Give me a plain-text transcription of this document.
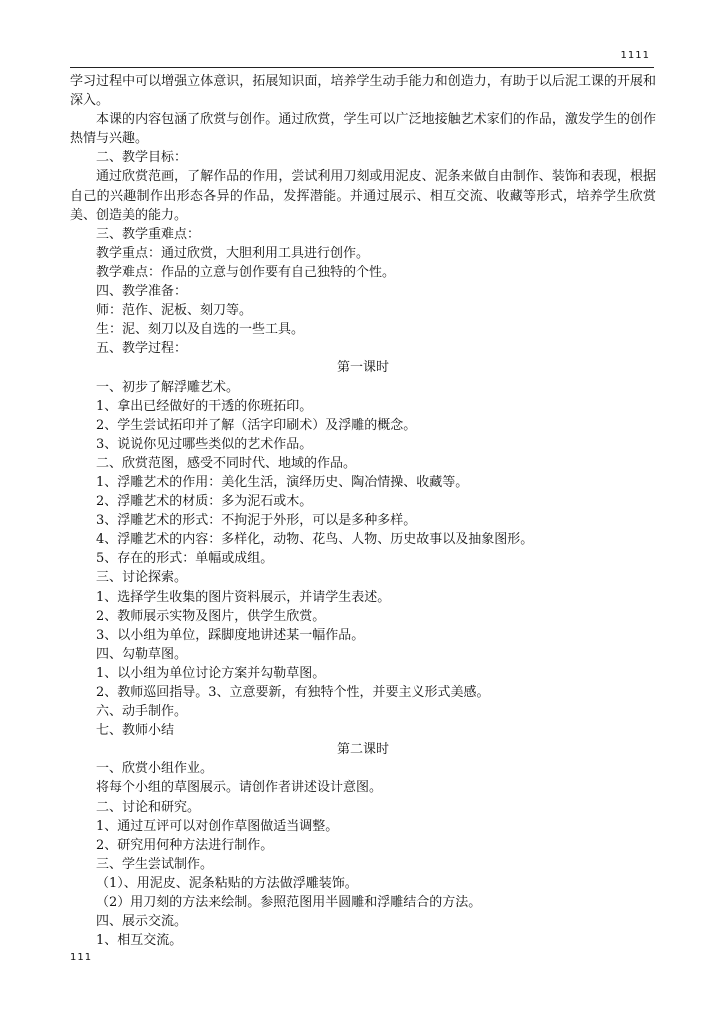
1111

学习过程中可以增强立体意识，拓展知识面，培养学生动手能力和创造力，有助于以后泥工课的开展和深入。

本课的内容包涵了欣赏与创作。通过欣赏，学生可以广泛地接触艺术家们的作品，激发学生的创作热情与兴趣。

二、教学目标：

通过欣赏范画，了解作品的作用，尝试利用刀刻或用泥皮、泥条来做自由制作、装饰和表现，根据自己的兴趣制作出形态各异的作品，发挥潜能。并通过展示、相互交流、收藏等形式，培养学生欣赏美、创造美的能力。

三、教学重难点：

教学重点：通过欣赏，大胆利用工具进行创作。

教学难点：作品的立意与创作要有自己独特的个性。

四、教学准备：

师：范作、泥板、刻刀等。

生：泥、刻刀以及自选的一些工具。

五、教学过程：

第一课时

一、初步了解浮雕艺术。

1、拿出已经做好的干透的你班拓印。

2、学生尝试拓印并了解（活字印刷术）及浮雕的概念。

3、说说你见过哪些类似的艺术作品。

二、欣赏范图，感受不同时代、地域的作品。

1、浮雕艺术的作用：美化生活，演绎历史、陶冶情操、收藏等。

2、浮雕艺术的材质：多为泥石或木。

3、浮雕艺术的形式：不拘泥于外形，可以是多种多样。

4、浮雕艺术的内容：多样化，动物、花鸟、人物、历史故事以及抽象图形。

5、存在的形式：单幅或成组。

三、讨论探索。

1、选择学生收集的图片资料展示，并请学生表述。

2、教师展示实物及图片，供学生欣赏。

3、以小组为单位，踩脚度地讲述某一幅作品。

四、勾勒草图。

1、以小组为单位讨论方案并勾勒草图。

2、教师巡回指导。3、立意要新，有独特个性，并要主义形式美感。

六、动手制作。

七、教师小结

第二课时

一、欣赏小组作业。

将每个小组的草图展示。请创作者讲述设计意图。

二、讨论和研究。

1、通过互评可以对创作草图做适当调整。

2、研究用何种方法进行制作。

三、学生尝试制作。

（1）、用泥皮、泥条粘贴的方法做浮雕装饰。

（2）用刀刻的方法来绘制。参照范图用半圆雕和浮雕结合的方法。

四、展示交流。

1、相互交流。

111
